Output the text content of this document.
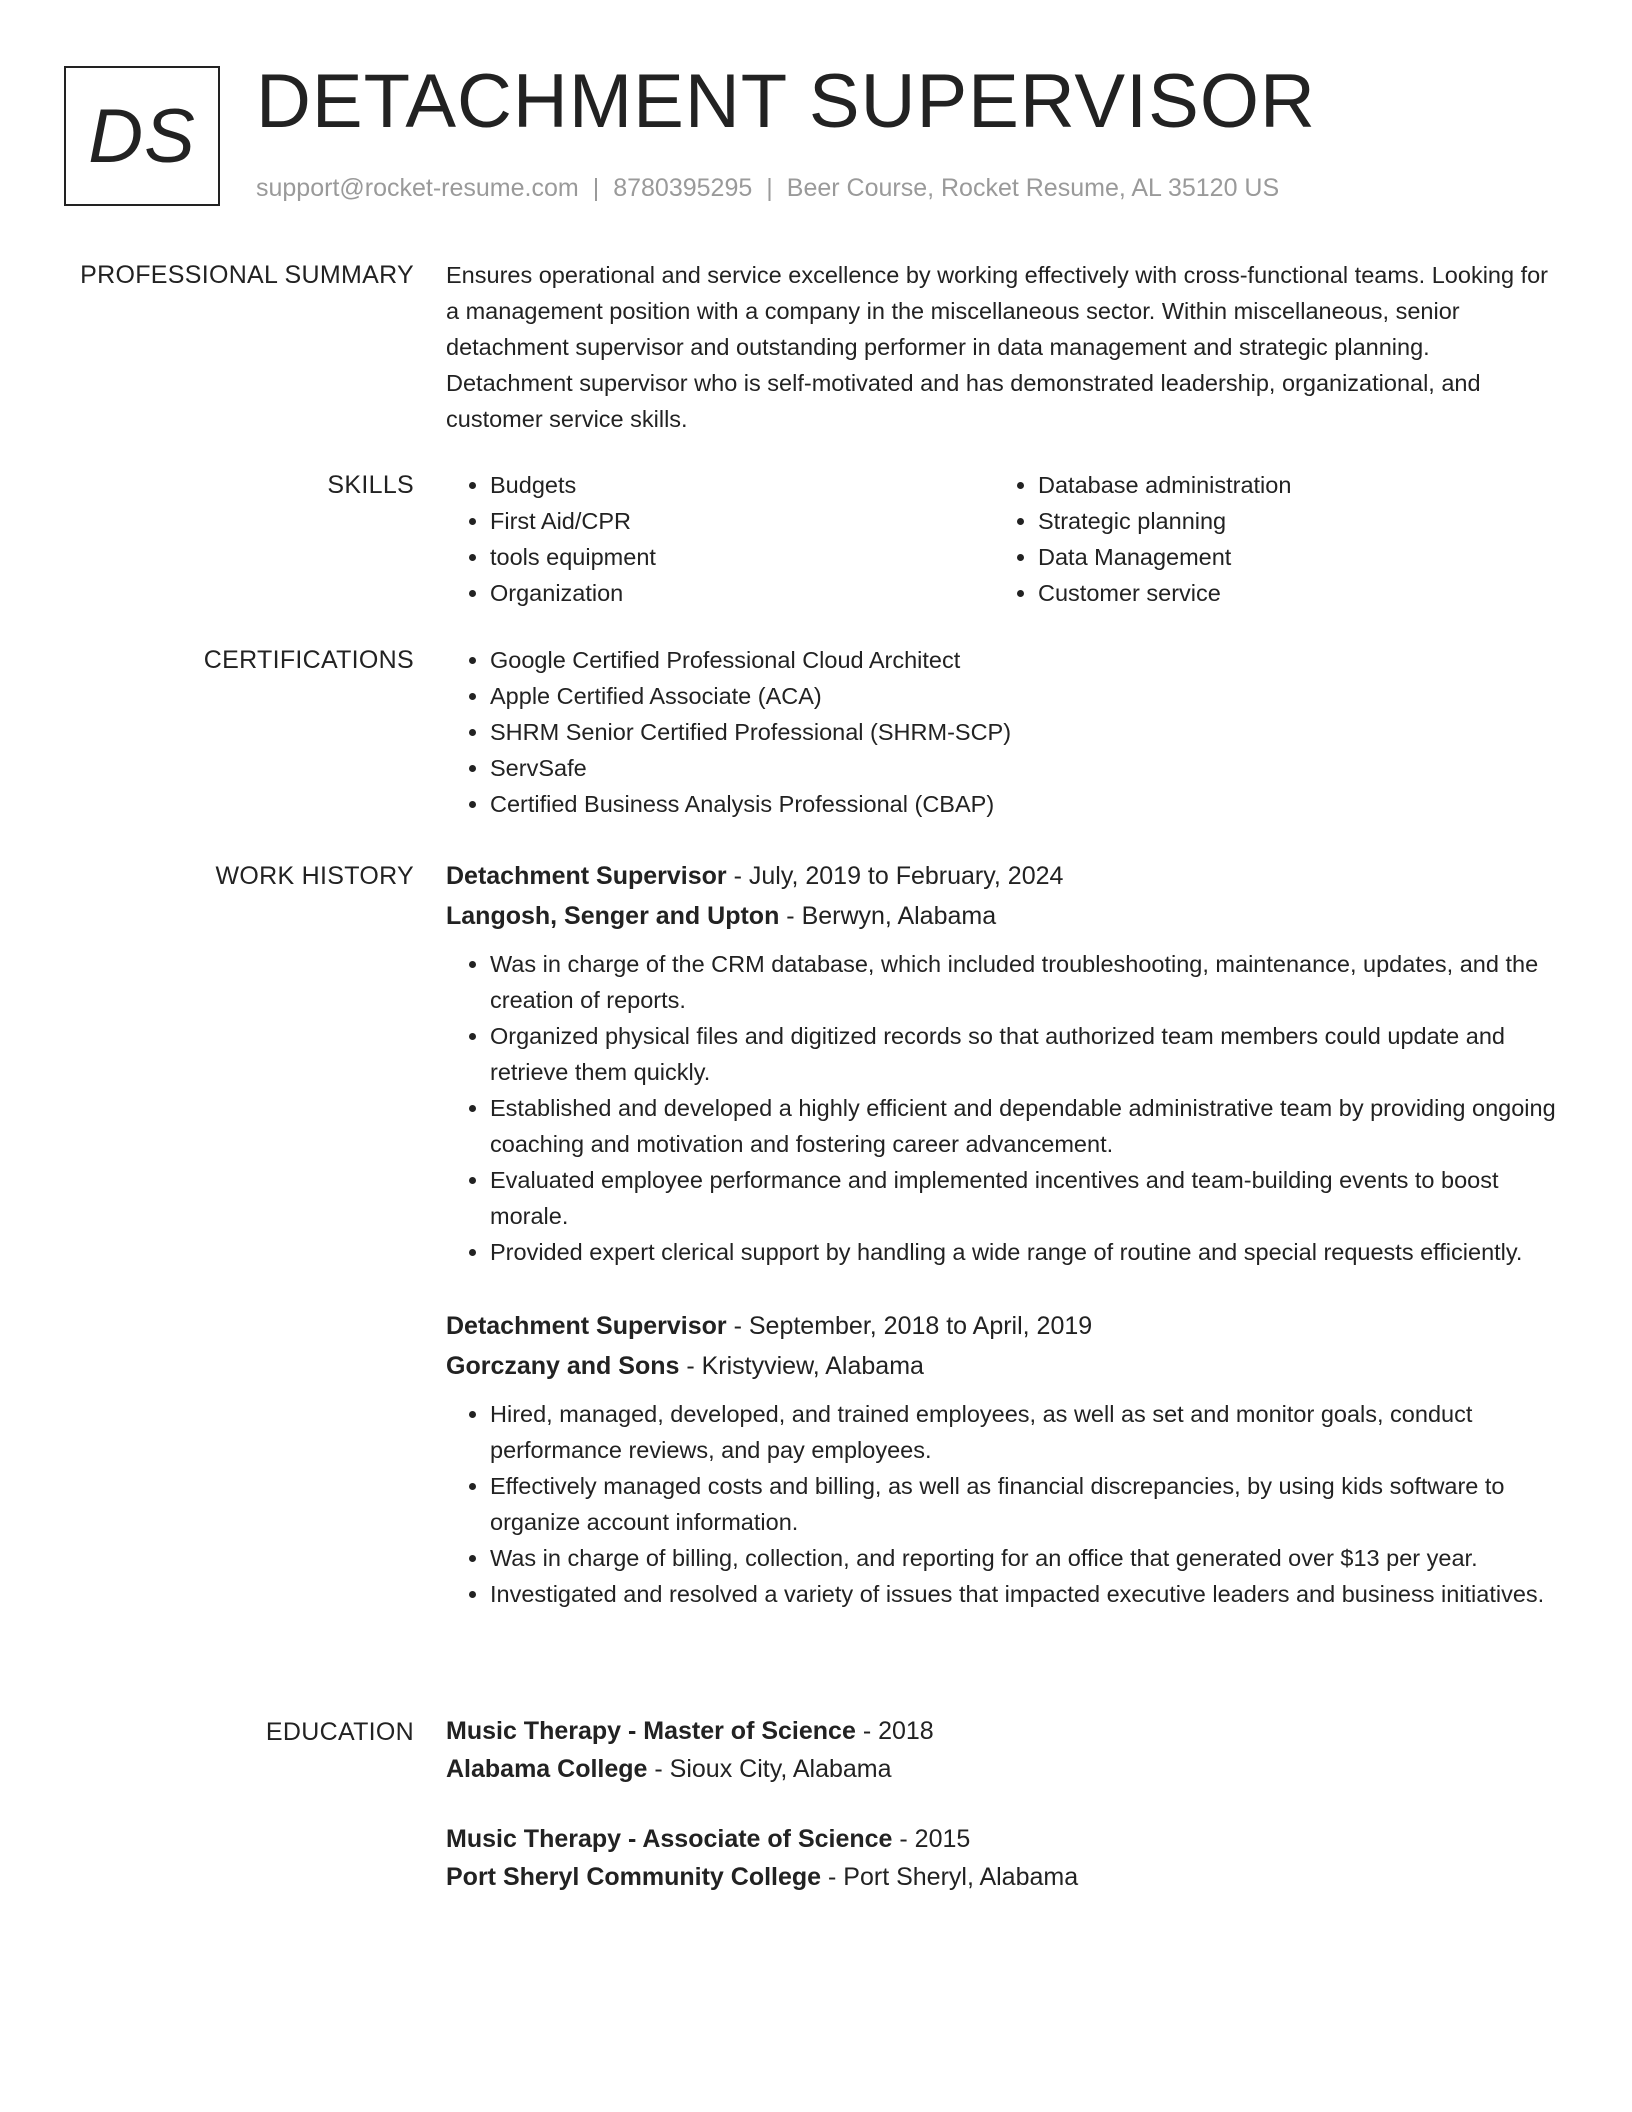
DS DETACHMENT SUPERVISOR
support@rocket-resume.com | 8780395295 | Beer Course, Rocket Resume, AL 35120 US
PROFESSIONAL SUMMARY Ensures operational and service excellence by working effectively with cross-functional teams. Looking for a management position with a company in the miscellaneous sector. Within miscellaneous, senior detachment supervisor and outstanding performer in data management and strategic planning. Detachment supervisor who is self-motivated and has demonstrated leadership, organizational, and customer service skills.
SKILLS	• Budgets
• First Aid/CPR
• tools equipment
• Organization
• Database administration
• Strategic planning
• Data Management
• Customer service
CERTIFICATIONS	• Google Certified Professional Cloud Architect
• Apple Certified Associate (ACA)
• SHRM Senior Certified Professional (SHRM-SCP)
• ServSafe
• Certified Business Analysis Professional (CBAP)
WORK HISTORY Detachment Supervisor - July, 2019 to February, 2024
Langosh, Senger and Upton - Berwyn, Alabama
• Was in charge of the CRM database, which included troubleshooting, maintenance, updates, and the creation of reports.
• Organized physical files and digitized records so that authorized team members could update and retrieve them quickly.
• Established and developed a highly efficient and dependable administrative team by providing ongoing coaching and motivation and fostering career advancement.
• Evaluated employee performance and implemented incentives and team-building events to boost morale.
• Provided expert clerical support by handling a wide range of routine and special requests efficiently.
Detachment Supervisor - September, 2018 to April, 2019
Gorczany and Sons - Kristyview, Alabama
• Hired, managed, developed, and trained employees, as well as set and monitor goals, conduct performance reviews, and pay employees.
• Effectively managed costs and billing, as well as financial discrepancies, by using kids software to organize account information.
• Was in charge of billing, collection, and reporting for an office that generated over $13 per year.
• Investigated and resolved a variety of issues that impacted executive leaders and business initiatives.
EDUCATION Music Therapy - Master of Science - 2018
Alabama College - Sioux City, Alabama
Music Therapy - Associate of Science - 2015
Port Sheryl Community College - Port Sheryl, Alabama
